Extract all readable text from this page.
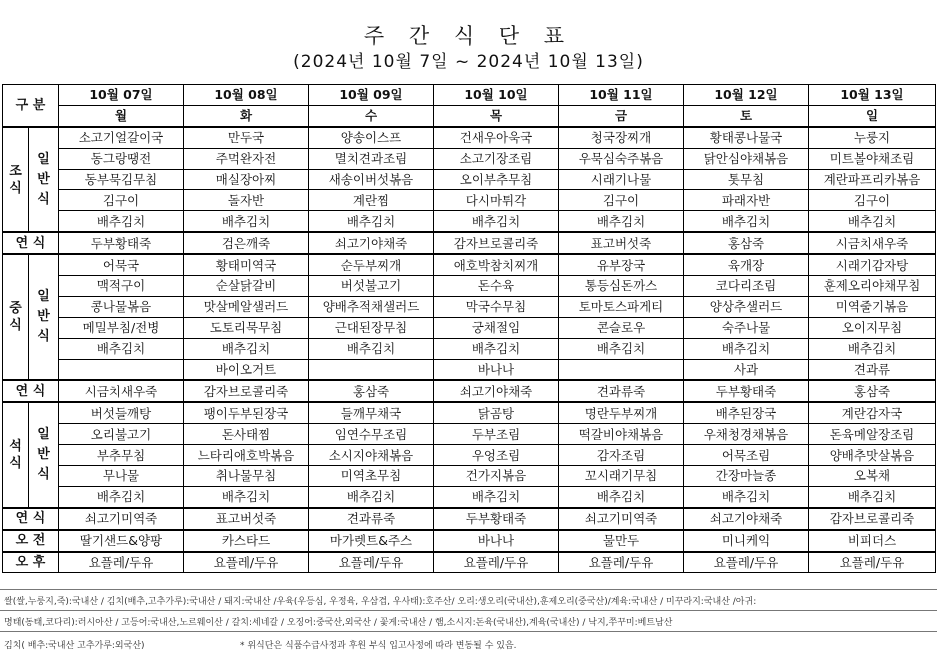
주 간 식 단 표
(2024년 10월 7일 ~ 2024년 10월 13일)
구 분		10월 07일	10월 08일	10월 09일	10월 10일	10월 11일	10월 12일	10월 13일
		월	화	수	목	금	토	일
조
식	일
반
식	소고기얼갈이국	만두국	양송이스프	건새우아욱국	청국장찌개	황태콩나물국	누룽지
		동그랑땡전	주먹완자전	멸치견과조림	소고기장조림	우묵심숙주볶음	닭안심야채볶음	미트볼야채조림
		동부묵김무침	매실장아찌	새송이버섯볶음	오이부추무침	시래기나물	톳무침	계란파프리카볶음
		김구이	돌자반	계란찜	다시마튀각	김구이	파래자반	김구이
		배추김치	배추김치	배추김치	배추김치	배추김치	배추김치	배추김치
연 식		두부황태죽	검은깨죽	쇠고기야채죽	감자브로콜리죽	표고버섯죽	홍삼죽	시금치새우죽
중
식	일
반
식	어묵국	황태미역국	순두부찌개	애호박참치찌개	유부장국	육개장	시래기감자탕
		맥적구이	순살닭갈비	버섯불고기	돈수육	통등심돈까스	코다리조림	훈제오리야채무침
		콩나물볶음	맛살메알샐러드	양배추적채샐러드	막국수무침	토마토스파게티	양상추샐러드	미역줄기볶음
		메밀부침/전병	도토리묵무침	근대된장무침	궁채절임	콘슬로우	숙주나물	오이지무침
		배추김치	배추김치	배추김치	배추김치	배추김치	배추김치	배추김치
			바이오거트		바나나		사과	견과류
연 식		시금치새우죽	감자브로콜리죽	홍삼죽	쇠고기야채죽	견과류죽	두부황태죽	홍삼죽
석
식	일
반
식	버섯들깨탕	팽이두부된장국	들깨무채국	닭곰탕	명란두부찌개	배추된장국	계란감자국
		오리불고기	돈사태찜	임연수무조림	두부조림	떡갈비야채볶음	우채청경채볶음	돈육메알장조림
		부추무침	느타리애호박볶음	소시지야채볶음	우엉조림	감자조림	어묵조림	양배추맛살볶음
		무나물	취나물무침	미역초무침	건가지볶음	꼬시래기무침	간장마늘종	오복채
		배추김치	배추김치	배추김치	배추김치	배추김치	배추김치	배추김치
연 식		쇠고기미역죽	표고버섯죽	견과류죽	두부황태죽	쇠고기미역죽	쇠고기야채죽	감자브로콜리죽
오 전		딸기샌드&양팡	카스타드	마가렛트&주스	바나나	물만두	미니케익	비피더스
오 후		요플레/두유	요플레/두유	요플레/두유	요플레/두유	요플레/두유	요플레/두유	요플레/두유
쌀(쌀,누룽지,죽):국내산 / 김치(배추,고추가루):국내산 / 돼지:국내산 /우육(우등심, 우정육, 우삼겹, 우사태):호주산/ 오리:생오리(국내산),훈제오리(중국산)/계육:국내산 / 미꾸라지:국내산 /아귀:
명태(동태,코다리):러시아산 / 고등어:국내산,노르웨이산 / 갈치:세네갈 / 오징어:중국산,외국산 / 꽃게:국내산 / 햄,소시지:돈육(국내산),계육(국내산) / 낙지,쭈꾸미:베트남산
김치( 배추:국내산 고추가루:외국산)	* 위식단은 식품수급사정과 후원 부식 입고사정에 따라 변동될 수 있음.
